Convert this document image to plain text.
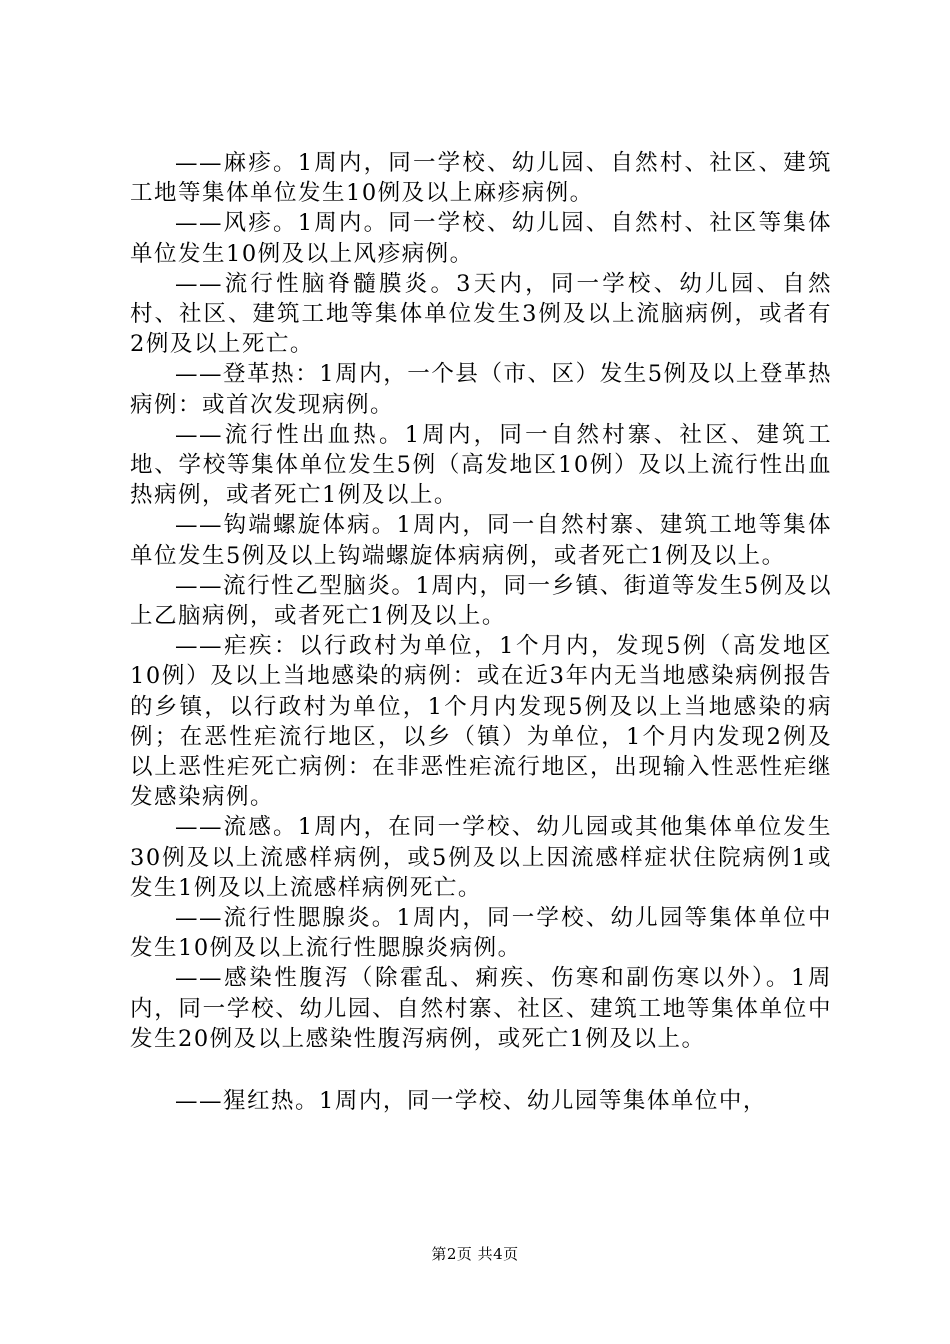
——麻疹。1周内，同一学校、幼儿园、自然村、社区、建筑工地等集体单位发生10例及以上麻疹病例。

——风疹。1周内。同一学校、幼儿园、自然村、社区等集体单位发生10例及以上风疹病例。

——流行性脑脊髓膜炎。3天内，同一学校、幼儿园、自然村、社区、建筑工地等集体单位发生3例及以上流脑病例，或者有2例及以上死亡。

——登革热：1周内，一个县（市、区）发生5例及以上登革热病例：或首次发现病例。

——流行性出血热。1周内，同一自然村寨、社区、建筑工地、学校等集体单位发生5例（高发地区10例）及以上流行性出血热病例，或者死亡1例及以上。

——钩端螺旋体病。1周内，同一自然村寨、建筑工地等集体单位发生5例及以上钩端螺旋体病病例，或者死亡1例及以上。

——流行性乙型脑炎。1周内，同一乡镇、街道等发生5例及以上乙脑病例，或者死亡1例及以上。

——疟疾：以行政村为单位，1个月内，发现5例（高发地区10例）及以上当地感染的病例：或在近3年内无当地感染病例报告的乡镇，以行政村为单位，1个月内发现5例及以上当地感染的病例；在恶性疟流行地区，以乡（镇）为单位，1个月内发现2例及以上恶性疟死亡病例：在非恶性疟流行地区，出现输入性恶性疟继发感染病例。

——流感。1周内，在同一学校、幼儿园或其他集体单位发生30例及以上流感样病例，或5例及以上因流感样症状住院病例1或发生1例及以上流感样病例死亡。

——流行性腮腺炎。1周内，同一学校、幼儿园等集体单位中发生10例及以上流行性腮腺炎病例。

——感染性腹泻（除霍乱、痢疾、伤寒和副伤寒以外）。1周内，同一学校、幼儿园、自然村寨、社区、建筑工地等集体单位中发生20例及以上感染性腹泻病例，或死亡1例及以上。

——猩红热。1周内，同一学校、幼儿园等集体单位中，

第2页 共4页
